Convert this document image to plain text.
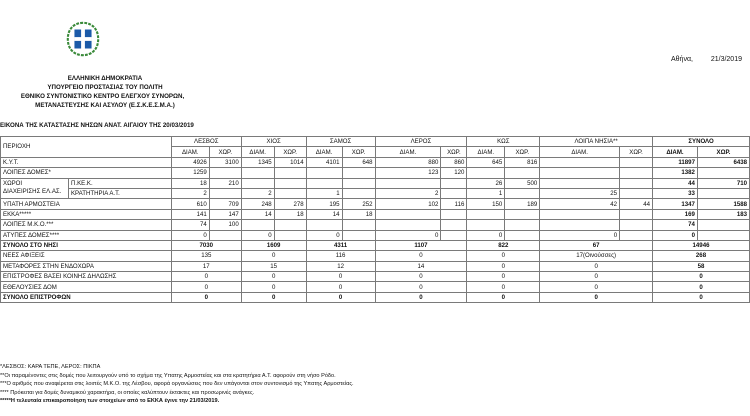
ΕΛΛΗΝΙΚΗ ΔΗΜΟΚΡΑΤΙΑ
ΥΠΟΥΡΓΕΙΟ ΠΡΟΣΤΑΣΙΑΣ ΤΟΥ ΠΟΛΙΤΗ
ΕΘΝΙΚΟ ΣΥΝΤΟΝΙΣΤΙΚΟ ΚΕΝΤΡΟ ΕΛΕΓΧΟΥ ΣΥΝΟΡΩΝ,
ΜΕΤΑΝΑΣΤΕΥΣΗΣ ΚΑΙ ΑΣΥΛΟΥ (Ε.Σ.Κ.Ε.Σ.Μ.Α.)
ΕΙΚΟΝΑ ΤΗΣ ΚΑΤΑΣΤΑΣΗΣ ΝΗΣΩΝ ΑΝΑΤ. ΑΙΓΑΙΟΥ ΤΗΣ 20/03/2019
Αθήνα,	21/3/2019
ΠΕΡΙΟΧΗ		ΛΕΣΒΟΣ		ΧΙΟΣ		ΣΑΜΟΣ		ΛΕΡΟΣ		ΚΩΣ		ΛΟΙΠΑ ΝΗΣΙΑ**		ΣΥΝΟΛΟ	
		ΔΙΑΜ.	ΧΩΡ.	ΔΙΑΜ.	ΧΩΡ.	ΔΙΑΜ.	ΧΩΡ.	ΔΙΑΜ.	ΧΩΡ.	ΔΙΑΜ.	ΧΩΡ.	ΔΙΑΜ.	ΧΩΡ.	ΔΙΑΜ.	ΧΩΡ.
Κ.Υ.Τ.		4926	3100	1345	1014	4101	648	880	860	645	816			11897	6438
ΛΟΙΠΕΣ ΔΟΜΕΣ*		1259						123	120					1382	

ΧΩΡΟΙ
ΔΙΑΧΕΙΡΙΣΗΣ ΕΛ.ΑΣ.	Π.ΚΕ.Κ.	18	210							26	500			44	710
	ΚΡΑΤΗΤΗΡΙΑ Α.Τ.	2		2		1		2		1		25		33	
ΥΠΑΤΗ ΑΡΜΟΣΤΕΙΑ		610	709	248	278	195	252	102	116	150	189	42	44	1347	1588
ΕΚΚΑ*****		141	147	14	18	14	18							169	183
ΛΟΙΠΕΣ Μ.Κ.Ο.***		74	100											74	
ΑΤΥΠΕΣ ΔΟΜΕΣ****		0		0		0		0		0		0		0	
ΣΥΝΟΛΟ ΣΤΟ ΝΗΣΙ		7030		1609		4311		1107		822		67		14946	
ΝΕΕΣ ΑΦΙΞΕΙΣ		135		0		116		0		0		17(Οινούσσες)		268	
ΜΕΤΑΦΟΡΕΣ ΣΤΗΝ ΕΝΔΟΧΩΡΑ		17		15		12		14		0		0		58	
ΕΠΙΣΤΡΟΦΕΣ ΒΑΣΕΙ ΚΟΙΝΗΣ ΔΗΛΩΣΗΣ		0		0		0		0		0		0		0	
ΕΘΕΛΟΥΣΙΕΣ ΔΟΜ		0		0		0		0		0		0		0	
ΣΥΝΟΛΟ ΕΠΙΣΤΡΟΦΩΝ		0		0		0		0		0		0		0	
*ΛΕΣΒΟΣ: ΚΑΡΑ ΤΕΠΕ, ΛΕΡΟΣ: ΠΙΚΠΑ
**Οι παραμένοντες στις δομές που λειτουργούν υπό το σχήμα της Υπατης Αρμοστείας και στα κρατητήρια Α.Τ. αφορούν στη νήσο Ρόδο.
***Ο αριθμός που αναφέρεται στις λοιπές Μ.Κ.Ο. της Λέσβου, αφορά οργανώσεις που δεν υπάγονται στον συντονισμό της Υπατης Αρμοστείας.
**** Πρόκειται για δομές δυναμικού χαρακτήρα, οι οποίες καλύπτουν έκτακτες και προσωρινές ανάγκες.
*****Η τελευταία επικαιροποίηση των στοιχείων από το ΕΚΚΑ έγινε την 21/03/2019.
